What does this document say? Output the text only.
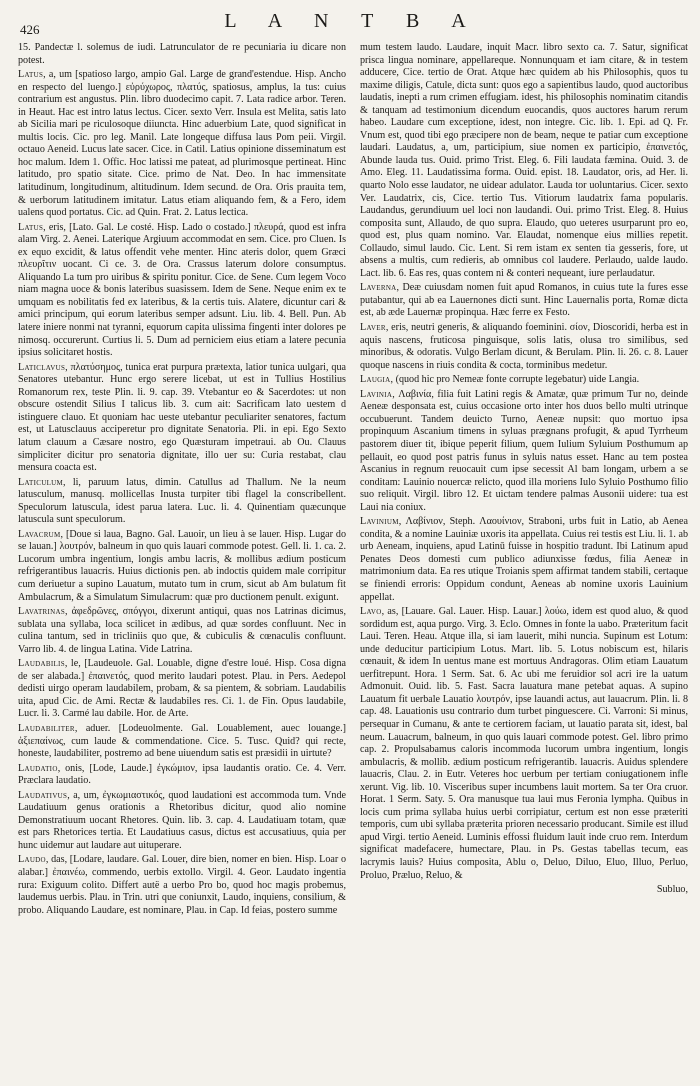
426	L A N T B A

15. Pandectæ l. solemus de iudi. Latrunculator de re pecuniaria iu dicare non potest.

Latus, a, um [spatioso largo, ampio Gal. Large de grand'estendue. Hisp. Ancho en respecto del luengo.] εὐρύχωρος, πλατύς, spatiosus, amplus, la tus: cuius contrarium est angustus. Plin. libro duodecimo capit. 7. Lata radice arbor. Teren. in Heaut. Hac est intro latus lectus. Cicer. sexto Verr. Insula est Melita, satis lato ab Sicilia mari pe riculosoque diiuncta. Hinc aduerbium Late, quod significat in multis locis. Cic. pro leg. Manil. Late longeque diffusa laus Pom peii. Virgil. octauo Aeneid. Lucus late sacer. Cice. in Catil. Latius opinione disseminatum est hoc malum. Idem 1. Offic. Hoc latissi me pateat, ad plurimosque pertineat. Hinc latitudo, pro spatio sitate. Cice. primo de Nat. Deo. In hac immensitate latitudinum, longitudinum, altitudinum. Idem secund. de Ora. Oris prauita tem, & uerborum latitudinem imitatur. Latus etiam aliquando fem, & a Fero, idem ualens quod portatus. Cic. ad Quin. Frat. 2. Latus lectica.

Latus, eris, [Lato. Gal. Le costé. Hisp. Lado o costado.] πλευρά, quod est infra alam Virg. 2. Aenei. Laterique Argiuum accommodat en sem. Cice. pro Cluen. Is ex equo excidit, & latus offendit vehe menter. Hinc ateris dolor, quem Græci πλευρῖτιν uocant. Ci ce. 3. de Ora. Crassus laterum dolore consumptus. Aliquando La tum pro uiribus & spiritu ponitur. Cice. de Sene. Cum legem Voco niam magna uoce & bonis lateribus suasissem. Idem de Sene. Neque enim ex te umquam es nobilitatis fed ex lateribus, & la certis tuis. Alatere, dicuntur cari & amici principum, qui eorum lateribus semper adsunt. Liu. lib. 4. Bell. Pun. Ab latere iniere nonmi nat tyranni, equorum capita ulissima fingenti inter dolores pe nimosq. occurerunt. Curtius li. 5. Dum ad perniciem eius etiam a latere pecunia ipsius solicitaret hostis.

Laticlavus, πλατύσημος, tunica erat purpura prætexta, latior tunica uulgari, qua Senatores utebantur. Hunc ergo serere licebat, ut est in Tullius Hostilius Romanorum rex, teste Plin. li. 9. cap. 39. Vtebantur eo & Sacerdotes: ut non obscure ostendit Silius I talicus lib. 3. cum ait: Sacrificam lato uestem d istinguere clauo. Et quoniam hac ueste utebantur peculiariter senatores, factum est, ut Latusclauus acciperetur pro dignitate Senatoria. Pli. in epi. Ego Sexto latum clauum a Cæsare nostro, ego Quæsturam impetraui. ab Ou. Clauus simpliciter dicitur pro senatoria dignitate, illo uer su: Curia restabat, clau mensura coacta est.

Laticulum, li, paruum latus, dimin. Catullus ad Thallum. Ne la neum latusculum, manusq. mollicellas Inusta turpiter tibi flagel la conscribellent. Speculorum latuscula, idest parua latera. Luc. li. 4. Quinentiam quæcunque latuscula sunt speculorum.

Lavacrum, [Doue si laua, Bagno. Gal. Lauoir, un lieu à se lauer. Hisp. Lugar do se lauan.] λουτρόν, balneum in quo quis lauari commode potest. Gell. li. 1. ca. 2. Lucorum umbra ingentium, longis ambu lacris, & mollibus ædium posticum refrigerantibus lauacris. Huius dictionis pen. ab indoctis quidem male corripitur cum deriuetur a supino Lauatum, mutato tum in crum, sicut ab Am bulatum fit Ambulacrum, & a Simulatum Simulacrum: quæ pro ductionem penult. exigunt.

Lavatrinas, ἀφεδρῶνες, σπόγγοι, dixerunt antiqui, quas nos Latrinas dicimus, sublata una syllaba, loca scilicet in ædibus, ad quæ sordes confluunt. Nec in culina tantum, sed in tricliniis quo que, & cubiculis & cœnaculis confluunt. Varro lib. 4. de lingua Latina. Vide Latrina.

Laudabilis, le, [Laudeuole. Gal. Louable, digne d'estre loué. Hisp. Cosa digna de ser alabada.] ἐπαινετός, quod merito laudari potest. Plau. in Pers. Aedepol dedisti uirgo operam laudabilem, probam, & sa pientem, & sobriam. Laudabilis uita, apud Cic. de Ami. Rectæ & laudabiles res. Ci. 1. de Fin. Opus laudabile, Lucr. li. 3. Carmé lau dabile. Hor. de Arte.

Laudabiliter, aduer. [Lodeuolmente. Gal. Louablement, auec louange.] ἀξιεπαίνως, cum laude & commendatione. Cice. 5. Tusc. Quid? qui recte, honeste, laudabiliter, postremo ad bene uiuendum satis est præsidii in uirtute?

Laudatio, onis, [Lode, Laude.] ἐγκώμιον, ipsa laudantis oratio. Ce. 4. Verr. Præclara laudatio.

Laudativus, a, um, ἐγκωμιαστικός, quod laudationi est accommoda tum. Vnde Laudatiuum genus orationis a Rhetoribus dicitur, quod alio nomine Demonstratiuum uocant Rhetores. Quin. lib. 3. cap. 4. Laudatiuam totam, quæ est pars Rhetorices tertia. Et Laudatiuus casus, dictus est accusatiuus, quia per hunc uidemur aut laudare aut uituperare.

Laudo, das, [Lodare, laudare. Gal. Louer, dire bien, nomer en bien. Hisp. Loar o alabar.] ἐπαινέω, commendo, uerbis extollo. Virgil. 4. Geor. Laudato ingentia rura: Exiguum colito. Differt autë a uerbo Pro bo, quod hoc magis probemus, laudemus uerbis. Plau. in Trin. utri que coniunxit, Laudo, inquiens, consilium, & probo. Aliquando Laudare, est nominare, Plau. in Cap. Id feias, postero summe

mum testem laudo. Laudare, inquit Macr. libro sexto ca. 7. Satur, significat prisca lingua nominare, appellareque. Nonnunquam et iam citare, & in testem adducere, Cice. tertio de Orat. Atque hæc quidem ab his Philosophis, quos tu maxime diligis, Catule, dicta sunt: quos ego a sapientibus laudo, quod auctoribus laudatis, inepti a rum crimen effugiam. idest, his philosophis nominatim citandis & tanquam ad testimonium dicendum euocandis, quos auctores harum rerum habeo. Laudare cum exceptione, idest, non integre. Cic. lib. 1. Epi. ad Q. Fr. Vnum est, quod tibi ego præcipere non de beam, neque te patiar cum exceptione laudari. Laudatus, a, um, participium, siue nomen ex participio, ἐπαινετός, Abunde lauda tus. Ouid. primo Trist. Eleg. 6. Fili laudata fæmina. Ouid. 3. de Amo. Eleg. 11. Laudatissima forma. Ouid. epist. 18. Laudator, oris, ad Her. li. quarto Nolo esse laudator, ne uidear adulator. Lauda tor uoluntarius. Cicer. sexto Ver. Laudatrix, cis, Cice. tertio Tus. Vitiorum laudatrix fama popularis. Laudandus, gerundiuum uel loci non laudandi. Oui. primo Trist. Eleg. 8. Huius composita sunt, Allaudo, de quo supra. Elaudo, quo ueteres usurparunt pro eo, quod est, plus quam nomino. Var. Elaudat, nomenque eius millies repetit. Collaudo, simul laudo. Cic. Lent. Si rem istam ex senten tia gesseris, fore, ut absens a multis, cum redieris, ab omnibus col laudere. Perlaudo, ualde laudo. Lact. lib. 6. Eas res, quas contem ni & conteri nequeant, iure perlaudatur.

Laverna, Deæ cuiusdam nomen fuit apud Romanos, in cuius tute la fures esse putabantur, qui ab ea Lauernones dicti sunt. Hinc Lauernalis porta, Romæ dicta est, ab æde Lauernæ propinqua. Hæc ferre ex Festo.

Laver, eris, neutri generis, & aliquando foeminini. σίον, Dioscoridi, herba est in aquis nascens, fruticosa pinguisque, solis latis, olusa tro similibus, sed minoribus, & odoratis. Vulgo Berlam dicunt, & Berulam. Plin. li. 26. c. 8. Lauer quoque nascens in riuis condita & cocta, torminibus medetur.

Laugia, (quod hic pro Nemeæ fonte corrupte legebatur) uide Langia.

Lavinia, Λαβινία, filia fuit Latini regis & Amatæ, quæ primum Tur no, deinde Aeneæ desponsata est, cuius occasione orto inter hos duos bello multi utrinque occubuerunt. Tandem deuicto Turno, Aeneæ nupsit: quo mortuo ipsa propinquum Ascanium timens in syluas prægnans profugit, & apud Tyrrheum pastorem diuer tit, ibique peperit filium, quem Iulium Syluium Posthumum ap pellauit, eo quod post patris funus in syluis natus esset. Hanc au tem postea Ascanius in regnum reuocauit cum ipse secessit Al bam longam, urbem a se conditam: Lauinio nouercæ relicto, quod illa moriens Iulo Syluio Posthumo filio suo reliquit. Virgil. libro 12. Et uictam tendere palmas Ausonii uidere: tua est Laui nia coniux.

Lavinium, Λαβίνιον, Steph. Λαουίνιον, Straboni, urbs fuit in Latio, ab Aenea condita, & a nomine Lauiniæ uxoris ita appellata. Cuius rei testis est Liu. li. 1. ab urb Aeneam, inquiens, apud Latinū fuisse in hospitio tradunt. Ibi Latinum apud Penates Deos domesti cum publico adiunxisse fœdus, filia Aeneæ in matrimonium data. Ea res utique Troianis spem affirmat tandem stabili, certaque se finiendi erroris: Oppidum condunt, Aeneas ab nomine uxoris Lauinium appellat.

Lavo, as, [Lauare. Gal. Lauer. Hisp. Lauar.] λούω, idem est quod aluo, & quod sordidum est, aqua purgo. Virg. 3. Eclo. Omnes in fonte la uabo. Præteritum facit Laui. Teren. Heau. Atque illa, si iam lauerit, mihi nuncia. Supinum est Lotum: unde deducitur participium Lotus. Mart. lib. 5. Lotus nobiscum est, hilaris cœnauit, & idem In uentus mane est mortuus Andragoras. Olim etiam Lauatum uerfitrepunt. Hora. 1 Serm. Sat. 6. Ac ubi me feruidior sol acri ire la uatum Admonuit. Ouid. lib. 5. Fast. Sacra lauatura mane petebat aquas. A supino Lauatum fit uerbale Lauatio λουτρόν, ipse lauandi actus, aut lauacrum. Plin. li. 8 cap. 48. Lauationis usu contrario dum turbet pinguescere. Ci. Varroni: Si minus, persequar in Cumanu, & ante te certiorem faciam, ut lauatio parata sit, idest, bal neum. Lauacrum, balneum, in quo quis lauari commode potest. Gel. libro primo cap. 2. Propulsabamus caloris incommoda lucorum umbra ingentium, longis ambulacris, & mollib. ædium posticum refrigerantib. lauacris. Auidus splendere lauacris, Clau. 2. in Eutr. Veteres hoc uerbum per tertiam coniugationem infle xerunt. Vig. lib. 10. Visceribus super incumbens lauit mortem. Sa ter Ora cruor. Horat. 1 Serm. Saty. 5. Ora manusque tua laui mus Feronia lympha. Quibus in locis cum prima syllaba huius uerbi corripiatur, certum est non esse præteriti temporis, cum ubi syllaba præterita prioren necessario producant. Simile est illud apud Virgi. tertio Aeneid. Luminis effossi fluidum lauit inde cruo rem. Interdum significat madefacere, humectare, Plau. in Ps. Gestas tabellas tecum, eas lacrymis lauis? Huius composita, Ablu o, Deluo, Diluo, Eluo, Illuo, Perluo, Proluo, Præluo, Reluo, &

Subluo,
